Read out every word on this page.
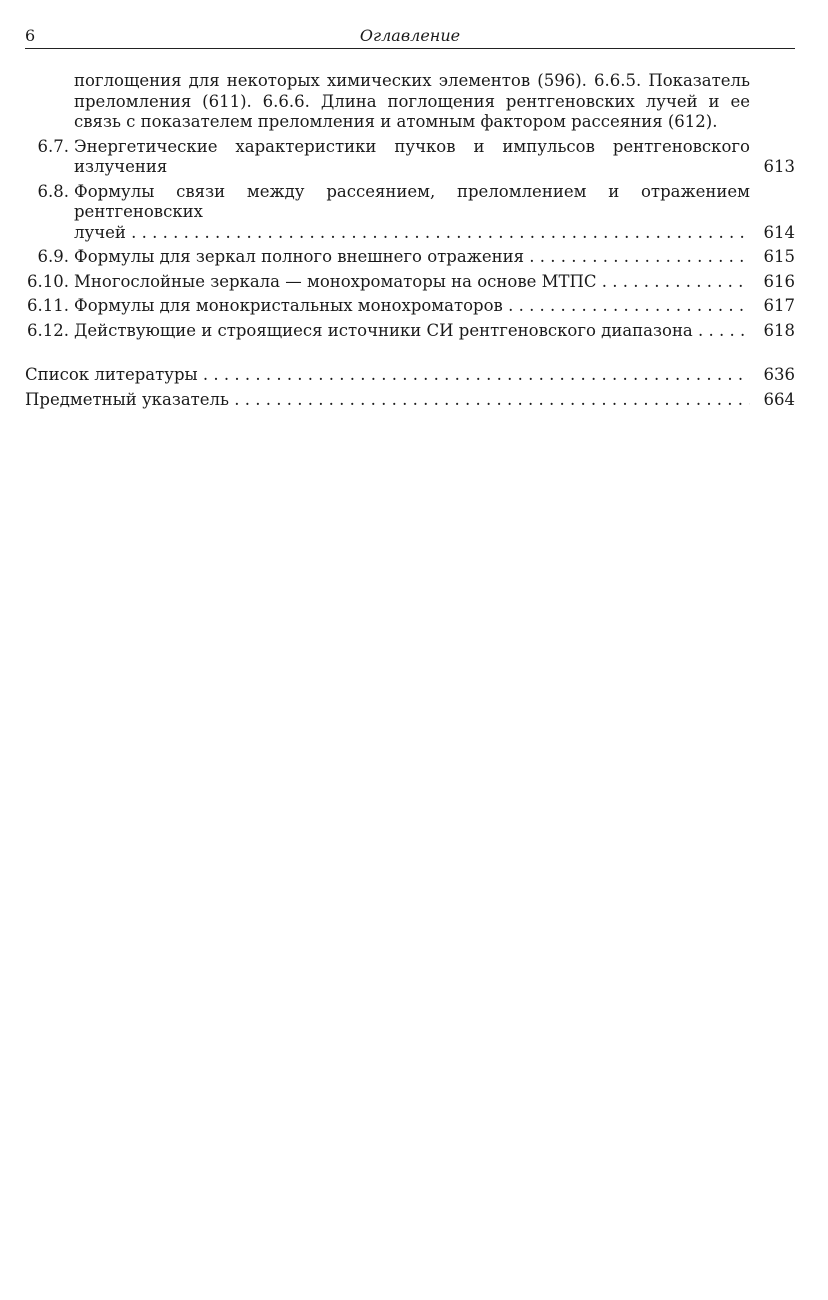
6	Оглавление
поглощения для некоторых химических элементов (596). 6.6.5. Показатель преломления (611). 6.6.6. Длина поглощения рентгеновских лучей и ее связь с показателем преломления и атомным фактором рассеяния (612).
6.7. Энергетические характеристики пучков и импульсов рентгеновского излучения	613
6.8. Формулы связи между рассеянием, преломлением и отражением рентгеновских
лучей . . .	614
6.9. Формулы для зеркал полного внешнего отражения . . .	615
6.10. Многослойные зеркала — монохроматоры на основе МТПС . . .	616
6.11. Формулы для монокристальных монохроматоров . . .	617
6.12. Действующие и строящиеся источники СИ рентгеновского диапазона . . .	618
Список литературы . . .	636
Предметный указатель . . .	664
